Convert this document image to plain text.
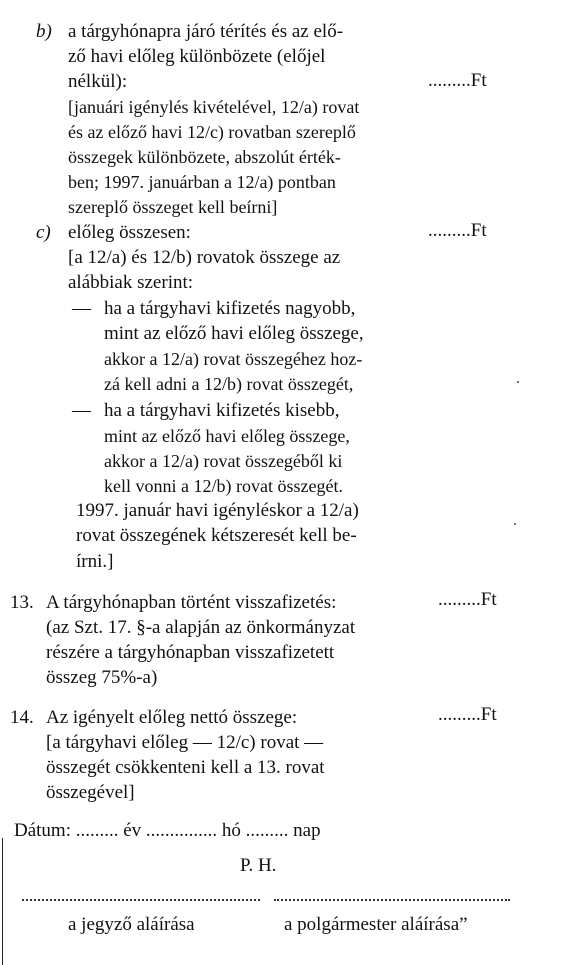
b) a tárgyhónapra járó térítés és az elő-
ző havi előleg különbözete (előjel
nélkül):	.........Ft
[januári igénylés kivételével, 12/a) rovat
és az előző havi 12/c) rovatban szereplő
összegek különbözete, abszolút érték-
ben; 1997. januárban a 12/a) pontban
szereplő összeget kell beírni]
c) előleg összesen:	.........Ft
[a 12/a) és 12/b) rovatok összege az
alábbiak szerint:
— ha a tárgyhavi kifizetés nagyobb,
mint az előző havi előleg összege,
akkor a 12/a) rovat összegéhez hoz-
zá kell adni a 12/b) rovat összegét,
— ha a tárgyhavi kifizetés kisebb,
mint az előző havi előleg összege,
akkor a 12/a) rovat összegéből ki
kell vonni a 12/b) rovat összegét.
1997. január havi igényléskor a 12/a)
rovat összegének kétszeresét kell be-
írni.]
13. A tárgyhónapban történt visszafizetés:	.........Ft
(az Szt. 17. §-a alapján az önkormányzat
részére a tárgyhónapban visszafizetett
összeg 75%-a)
14. Az igényelt előleg nettó összege:	.........Ft
[a tárgyhavi előleg — 12/c) rovat —
összegét csökkenteni kell a 13. rovat
összegével]
Dátum: ......... év ............... hó ......... nap
P. H.
a jegyző aláírása	a polgármester aláírása”
